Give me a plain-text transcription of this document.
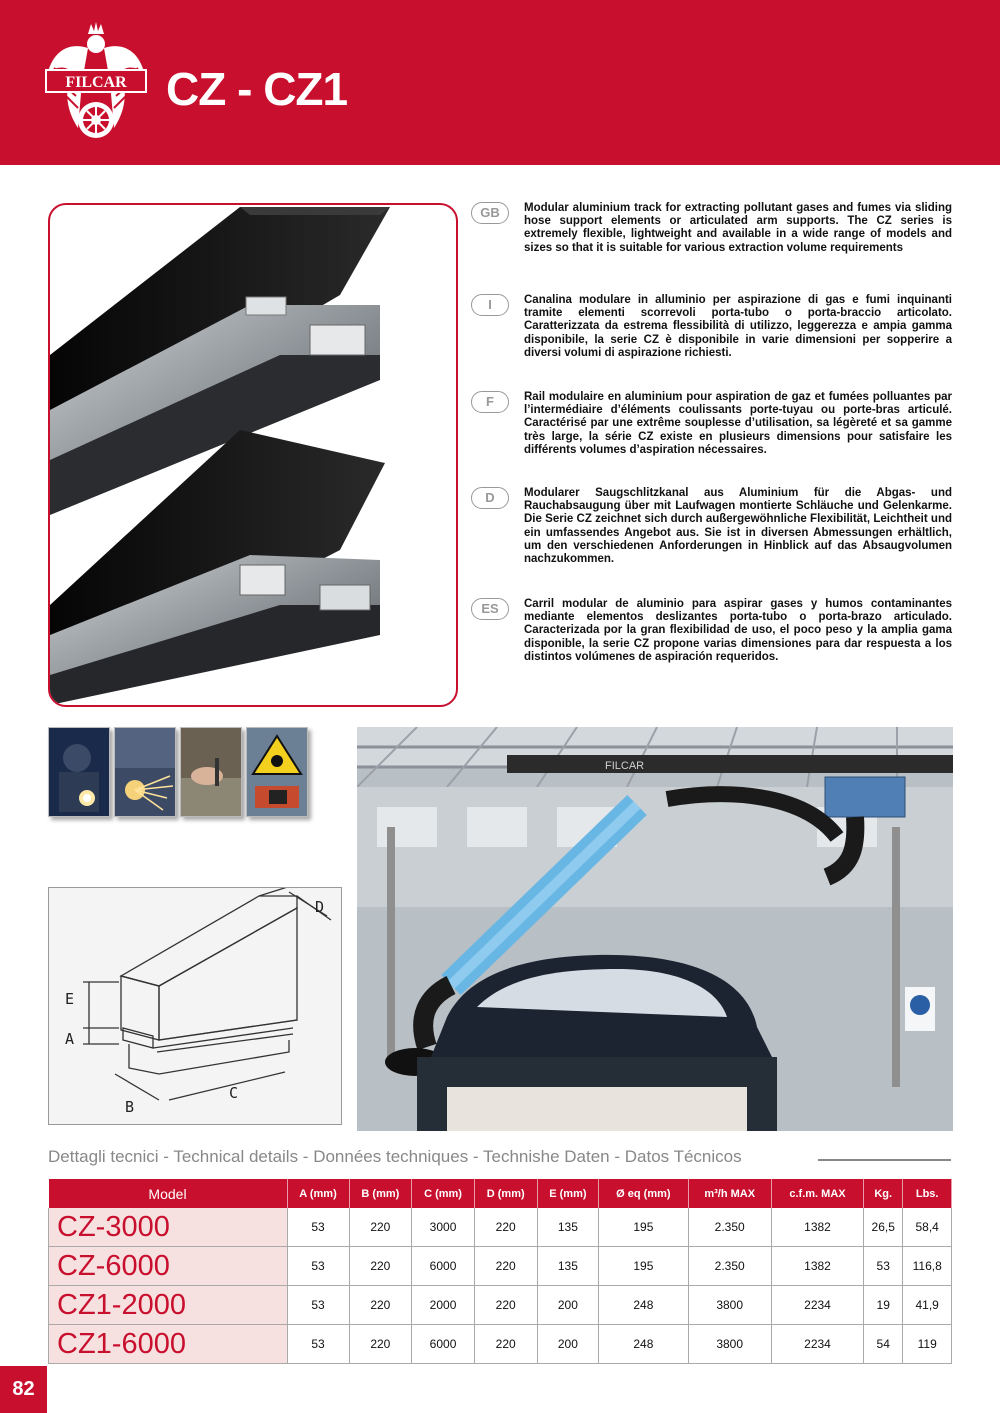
FILCAR CZ - CZ1
GB	Modular aluminium track for extracting pollutant gases and fumes via sliding hose support elements or articulated arm supports. The CZ series is extremely flexible, lightweight and available in a wide range of models and sizes so that it is suitable for various extraction volume requirements
I	Canalina modulare in alluminio per aspirazione di gas e fumi inquinanti tramite elementi scorrevoli porta-tubo o porta-braccio articolato. Caratterizzata da estrema flessibilità di utilizzo, leggerezza e ampia gamma disponibile, la serie CZ è disponibile in varie dimensioni per sopperire a diversi volumi di aspirazione richiesti.
F	Rail modulaire en aluminium pour aspiration de gaz et fumées polluantes par l’intermédiaire d’éléments coulissants porte-tuyau ou porte-bras articulé. Caractérisé par une extrême souplesse d’utilisation, sa légèreté et sa gamme très large, la série CZ existe en plusieurs dimensions pour satisfaire les différents volumes d’aspiration nécessaires.
D	Modularer Saugschlitzkanal aus Aluminium für die Abgas- und Rauchabsaugung über mit Laufwagen montierte Schläuche und Gelenkarme. Die Serie CZ zeichnet sich durch außergewöhnliche Flexibilität, Leichtheit und ein umfassendes Angebot aus. Sie ist in diversen Abmessungen erhältlich, um den verschiedenen Anforderungen in Hinblick auf das Absaugvolumen nachzukommen.
ES	Carril modular de aluminio para aspirar gases y humos contaminantes mediante elementos deslizantes porta-tubo o porta-brazo articulado. Caracterizada por la gran flexibilidad de uso, el poco peso y la amplia gama disponible, la serie CZ propone varias dimensiones para dar respuesta a los distintos volúmenes de aspiración requeridos.
D
E
A
B
C
FILCAR
Dettagli tecnici - Technical details - Données techniques - Technishe Daten - Datos Técnicos
Model	A (mm)	B (mm)	C (mm)	D (mm)	E (mm)	Ø eq (mm)	m³/h MAX	c.f.m. MAX	Kg.	Lbs.
CZ-3000	53	220	3000	220	135	195	2.350	1382	26,5	58,4
CZ-6000	53	220	6000	220	135	195	2.350	1382	53	116,8
CZ1-2000	53	220	2000	220	200	248	3800	2234	19	41,9
CZ1-6000	53	220	6000	220	200	248	3800	2234	54	119
82
